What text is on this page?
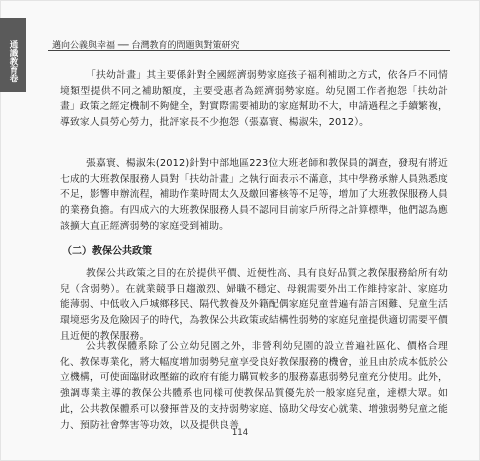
通識教育卷
邁向公義與幸福 ── 台灣教育的問題與對策研究

「扶幼計畫」其主要係針對全國經濟弱勢家庭孩子福利補助之方式，依各戶不同情境類型提供不同之補助額度，主要受惠者為經濟弱勢家庭。幼兒園工作者抱怨「扶幼計畫」政策之經定機制不夠健全，對實際需要補助的家庭幫助不大，申請過程之手續繁複，導致家人員勞心勞力，批評家長不少抱怨（張嘉寰、楊淑朱，2012）。

張嘉寰、楊淑朱(2012)針對中部地區223位大班老師和教保員的調查，發現有將近七成的大班教保服務人員對「扶幼計畫」之執行面表示不滿意，其中學務承辦人員熟悉度不足，影響申辦流程，補助作業時間太久及繳回審核等不足等，增加了大班教保服務人員的業務負擔。有四成六的大班教保服務人員不認同目前家戶所得之計算標準，他們認為應該擴大直正經濟弱勢的家庭受到補助。

（二）教保公共政策

教保公共政策之目的在於提供平價、近便性高、具有良好品質之教保服務給所有幼兒（含弱勢）。在就業競爭日趨激烈、婦職不穩定、母親需要外出工作維持家計、家庭功能薄弱、中低收入戶城鄉移民、隔代教養及外籍配偶家庭兒童普遍有語言困難、兒童生活環境惡劣及危險因子的時代，為教保公共政策或結構性弱勢的家庭兒童提供適切需要平價且近便的教保服務。

公共教保體系除了公立幼兒園之外，非營利幼兒園的設立普遍社區化、價格合理化、教保專業化，將大幅度增加弱勢兒童享受良好教保服務的機會，並且由於成本低於公立機構，可使面臨財政壓縮的政府有能力購買較多的服務嘉惠弱勢兒童充分使用。此外，強調專業主導的教保公共體系也同樣可使教保品質優先於一般家庭兒童，達標大眾。如此，公共教保體系可以發揮普及的支持弱勢家庭、協助父母安心就業、增強弱勢兒童之能力、預防社會弊害等功效，以及提供良善

114
